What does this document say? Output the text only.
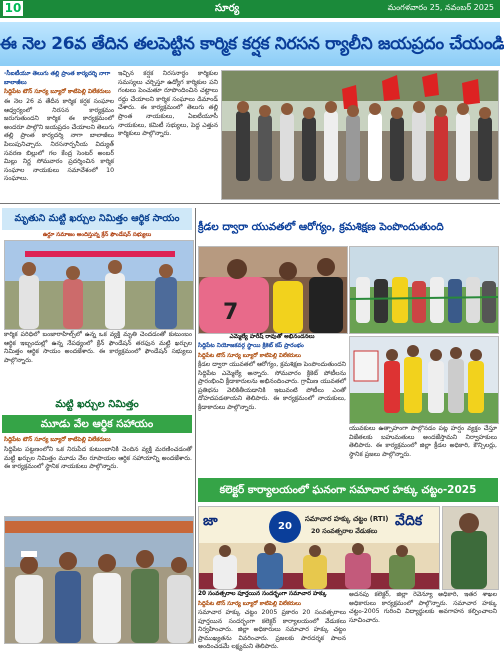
10	సూర్య	మంగళవారం 25, నవంబర్ 2025
ఈ నెల 26వ తేదిన తలపెట్టిన కార్మిక కర్షక నిరసన ర్యాలీని జయప్రదం చేయండి
-సీఐటీయూ తెలుగు తల్లి ప్రాంత కార్యదర్శి నాగా బాలాజీలు
సిద్దిపేట టౌన్ సూర్య బ్యూరో కాటిపెల్లి విలేకరులు
ఈ నెల 26 వ తేదీన కార్మిక కర్షక సంఘాల ఆధ్వర్యంలో నిరసన కార్యక్రమం జరుగుతుందని కార్మిక ఈ కార్యక్రమంలో అందరూ పాల్గొని జయప్రదం చేయాలని తెలుగు తల్లి ప్రాంత కార్యదర్శి నాగా బాలాజీలు పిలుపునిచ్చారు. నిరసనార్పనీయ విద్యుత్ సవరణ బిల్లులో గల కేంద్ర సెంటర్ అంబర్ మిల్లు నిర్ణ సోమవారం ప్రదర్శించిన కార్మిక సంఘాల నాయకులు సమావేశంలో 10 సంఘాలు.
ఇచ్చిన కర్షక నిరసనార్ధం కార్మికుల సమస్యలు చర్చిస్తూ ఉద్యోగ కార్మికుల పని గంటలు పెంచుతూ రూపొందించిన చట్టాలు రద్దు చేయాలని కార్మిక సంఘాలు డిమాండ్ చేశారు. ఈ కార్యక్రమంలో తెలుగు తల్లి ప్రాంత నాయకులు, ఏఐటీయూసీ నాయకులు, కమిటీ సభ్యులు, పెద్ద ఎత్తున కార్మికులు పాల్గొన్నారు.
మృతుని మట్టి ఖర్చుల నిమిత్తం ఆర్థిక సాయం
ఉర్దూ సమాజం అందిస్తున్న క్రేన్ ఫౌండేషన్ సభ్యులు
కార్మిక పరిధిలో బంజారాహిల్స్‌లో ఉన్న ఒక వ్యక్తి మృతి చెందడంతో కుటుంబం ఆర్థిక ఇబ్బందుల్లో ఉన్న నేపథ్యంలో క్రేన్ ఫౌండేషన్ తరఫున మట్టి ఖర్చుల నిమిత్తం ఆర్థిక సాయం అందజేశారు. ఈ కార్యక్రమంలో ఫౌండేషన్ సభ్యులు పాల్గొన్నారు.
మట్టి ఖర్చుల నిమిత్తం
మూడు వేల ఆర్థిక సహాయం
సిద్దిపేట టౌన్ సూర్య బ్యూరో కాటిపెల్లి విలేకరులు
సిద్దిపేట పట్టణంలోని ఒక నిరుపేద కుటుంబానికి చెందిన వ్యక్తి మరణించడంతో మట్టి ఖర్చుల నిమిత్తం మూడు వేల రూపాయల ఆర్థిక సహాయాన్ని అందజేశారు. ఈ కార్యక్రమంలో స్థానిక నాయకులు పాల్గొన్నారు.
క్రీడల ద్వారా యువతలో ఆరోగ్యం, క్రమశిక్షణ పెంపొందుతుంది
7
ఎమ్మెల్యే హరీష్ రావుతో అభినందనలు
సిద్దిపేట నియోజకవర్గ స్థాయి క్రికెట్ కప్ ప్రారంభం
సిద్దిపేట టౌన్ సూర్య బ్యూరో కాటిపెల్లి విలేకరులు
క్రీడల ద్వారా యువతలో ఆరోగ్యం, క్రమశిక్షణ పెంపొందుతుందని సిద్దిపేట ఎమ్మెల్యే అన్నారు. సోమవారం క్రికెట్ పోటీలను ప్రారంభించి క్రీడాకారులను అభినందించారు. గ్రామీణ యువతలో ప్రతిభను వెలికితీయడానికి ఇటువంటి పోటీలు ఎంతో దోహదపడతాయని తెలిపారు. ఈ కార్యక్రమంలో నాయకులు, క్రీడాకారులు పాల్గొన్నారు.
యువకులు ఉత్సాహంగా పాల్గొనడం పట్ల హర్షం వ్యక్తం చేస్తూ విజేతలకు బహుమతులు అందజేస్తామని నిర్వాహకులు తెలిపారు. ఈ కార్యక్రమంలో జిల్లా క్రీడల అధికారి, కౌన్సిలర్లు, స్థానిక ప్రజలు పాల్గొన్నారు.
కలెక్టర్ కార్యాలయంలో ఘనంగా సమాచార హక్కు చట్టం-2025
జా	20
సమాచార హక్కు చట్టం (RTI)
20 సంవత్సరాల వేడుకలు
వేదిక
20 సంవత్సరాల పూర్తయిన సందర్భంగా సమాచార హక్కు
సిద్దిపేట టౌన్ సూర్య బ్యూరో కాటిపెల్లి విలేకరులు
సమాచార హక్కు చట్టం 2005 ప్రకారం 20 సంవత్సరాలు పూర్తయిన సందర్భంగా కలెక్టర్ కార్యాలయంలో వేడుకలు నిర్వహించారు. జిల్లా అధికారులు సమాచార హక్కు చట్టం ప్రాముఖ్యతను వివరించారు. ప్రజలకు పారదర్శక పాలన అందించడమే లక్ష్యమని తెలిపారు.
అదనపు కలెక్టర్, జిల్లా రెవెన్యూ అధికారి, ఇతర శాఖల అధికారులు కార్యక్రమంలో పాల్గొన్నారు. సమాచార హక్కు చట్టం-2005 గురించి విద్యార్థులకు అవగాహన కల్పించాలని సూచించారు.
